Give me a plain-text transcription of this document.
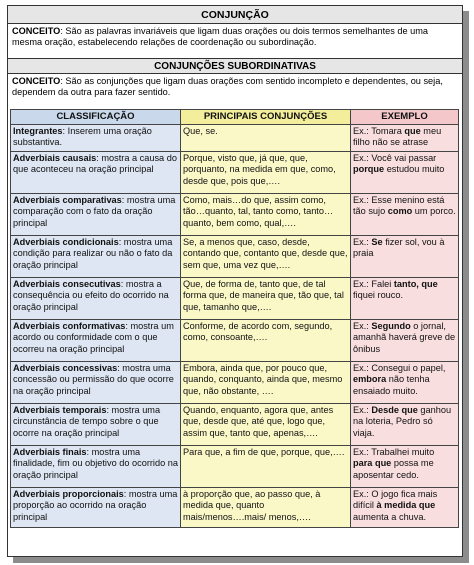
CONJUNÇÃO
CONCEITO: São as palavras invariáveis que ligam duas orações ou dois termos semelhantes de uma mesma oração, estabelecendo relações de coordenação ou subordinação.
CONJUNÇÕES SUBORDINATIVAS
CONCEITO: São as conjunções que ligam duas orações com sentido incompleto e dependentes, ou seja, dependem da outra para fazer sentido.
CLASSIFICAÇÃO	PRINCIPAIS CONJUNÇÕES	EXEMPLO
Integrantes: Inserem uma oração substantiva.	Que, se.	Ex.: Tomara que meu filho não se atrase
Adverbiais causais: mostra a causa do que aconteceu na oração principal	Porque, visto que, já que, que, porquanto, na medida em que, como, desde que, pois que,….	Ex.: Você vai passar porque estudou muito
Adverbiais comparativas: mostra uma comparação com o fato da oração principal	Como, mais…do que, assim como, tão…quanto, tal, tanto como, tanto…quanto, bem como, qual,….	Ex.: Esse menino está tão sujo como um porco.
Adverbiais condicionais: mostra uma condição para realizar ou não o fato da oração principal	Se, a menos que, caso, desde, contando que, contanto que, desde que, sem que, uma vez que,….	Ex.: Se fizer sol, vou à praia
Adverbiais consecutivas: mostra a consequência ou efeito do ocorrido na oração principal	Que, de forma de, tanto que, de tal forma que, de maneira que, tão que, tal que, tamanho que,….	Ex.: Falei tanto, que fiquei rouco.
Adverbiais conformativas: mostra um acordo ou conformidade com o que ocorreu na oração principal	Conforme, de acordo com, segundo, como, consoante,….	Ex.: Segundo o jornal, amanhã haverá greve de ônibus
Adverbiais concessivas: mostra uma concessão ou permissão do que ocorre na oração principal	Embora, ainda que, por pouco que, quando, conquanto, ainda que, mesmo que, não obstante, ….	Ex.: Consegui o papel, embora não tenha ensaiado muito.
Adverbiais temporais: mostra uma circunstância de tempo sobre o que ocorre na oração principal	Quando, enquanto, agora que, antes que, desde que, até que, logo que, assim que, tanto que, apenas,….	Ex.: Desde que ganhou na loteria, Pedro só viaja.
Adverbiais finais: mostra uma finalidade, fim ou objetivo do ocorrido na oração principal	Para que, a fim de que, porque, que,….	Ex.: Trabalhei muito para que possa me aposentar cedo.
Adverbiais proporcionais: mostra uma proporção ao ocorrido na oração principal	à proporção que, ao passo que, à medida que, quanto mais/menos….mais/ menos,….	Ex.: O jogo fica mais difícil à medida que aumenta a chuva.
